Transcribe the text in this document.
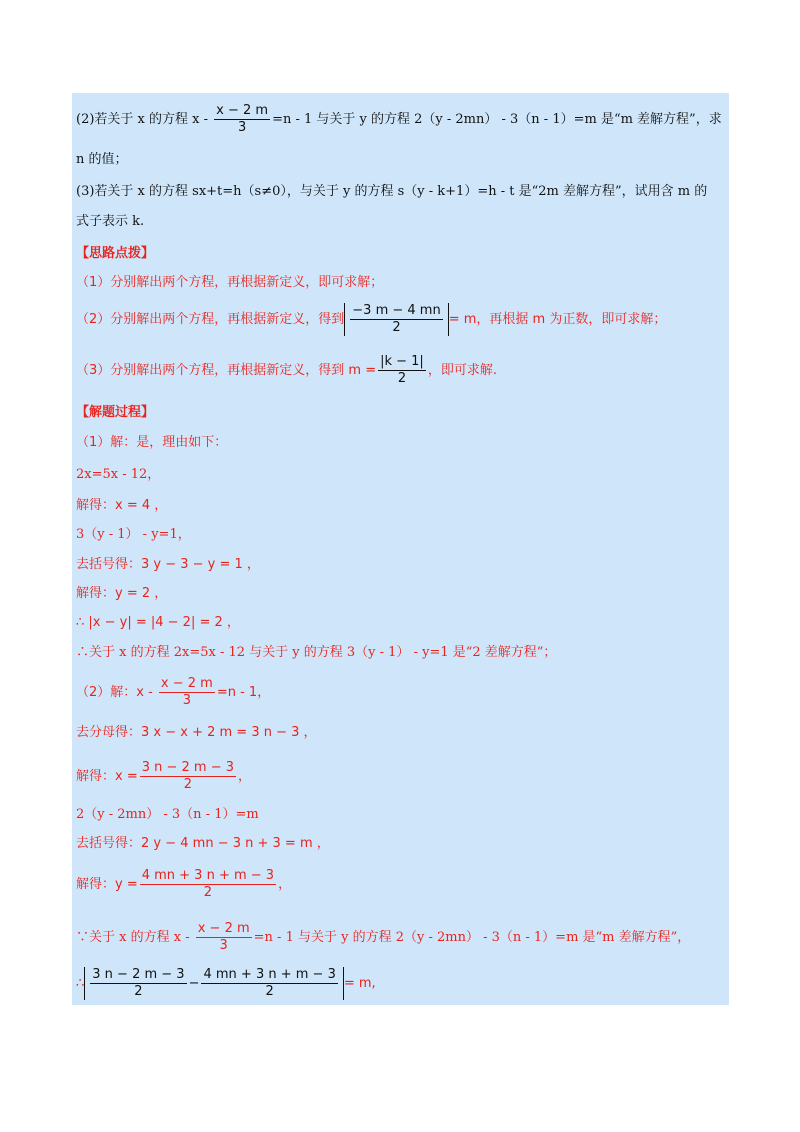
(2)若关于 x 的方程 $x - \frac{x - 2 m}{3} =n - 1$ 与关于 y 的方程 2（y - 2mn） - 3（n - 1）=m 是“m 差解方程”，求
n 的值；
(3)若关于 x 的方程 sx+t=h（s≠0），与关于 y 的方程 s（y - k+1）=h - t 是“2m 差解方程”，试用含 m 的
式子表示 k.
【思路点拨】
（1）分别解出两个方程，再根据新定义，即可求解；
（2）分别解出两个方程，再根据新定义，得到 $\frac{-3 m - 4 mn}{2} = m$，再根据 m 为正数，即可求解；
（3）分别解出两个方程，再根据新定义，得到 $m = \frac{|k - 1|}{2}$ ，即可求解.
【解题过程】
（1）解：是，理由如下：
2x=5x - 12，
解得：x = 4 ，
3（y - 1） - y=1，
去括号得：3 y − 3 − y = 1 ，
解得：y = 2 ，
∴ |x − y| = |4 − 2| = 2 ，
∴关于 x 的方程 2x=5x - 12 与关于 y 的方程 3（y - 1） - y=1 是“2 差解方程”；
（2）解：$x - \frac{x - 2 m}{3} =n - 1$，
去分母得：3 x − x + 2 m = 3 n − 3 ，
解得：$x = \frac{3 n - 2 m - 3}{2}$ ，
2（y - 2mn） - 3（n - 1）=m
去括号得：2 y − 4 mn − 3 n + 3 = m ，
解得：$y = \frac{4 mn + 3 n + m - 3}{2}$ ，
∵关于 x 的方程 $x - \frac{x - 2 m}{3} =n - 1$ 与关于 y 的方程 2（y - 2mn） - 3（n - 1）=m 是“m 差解方程”，
∴ $\frac{3 n - 2 m - 3}{2} - \frac{4 mn + 3 n + m - 3}{2} = m$,
